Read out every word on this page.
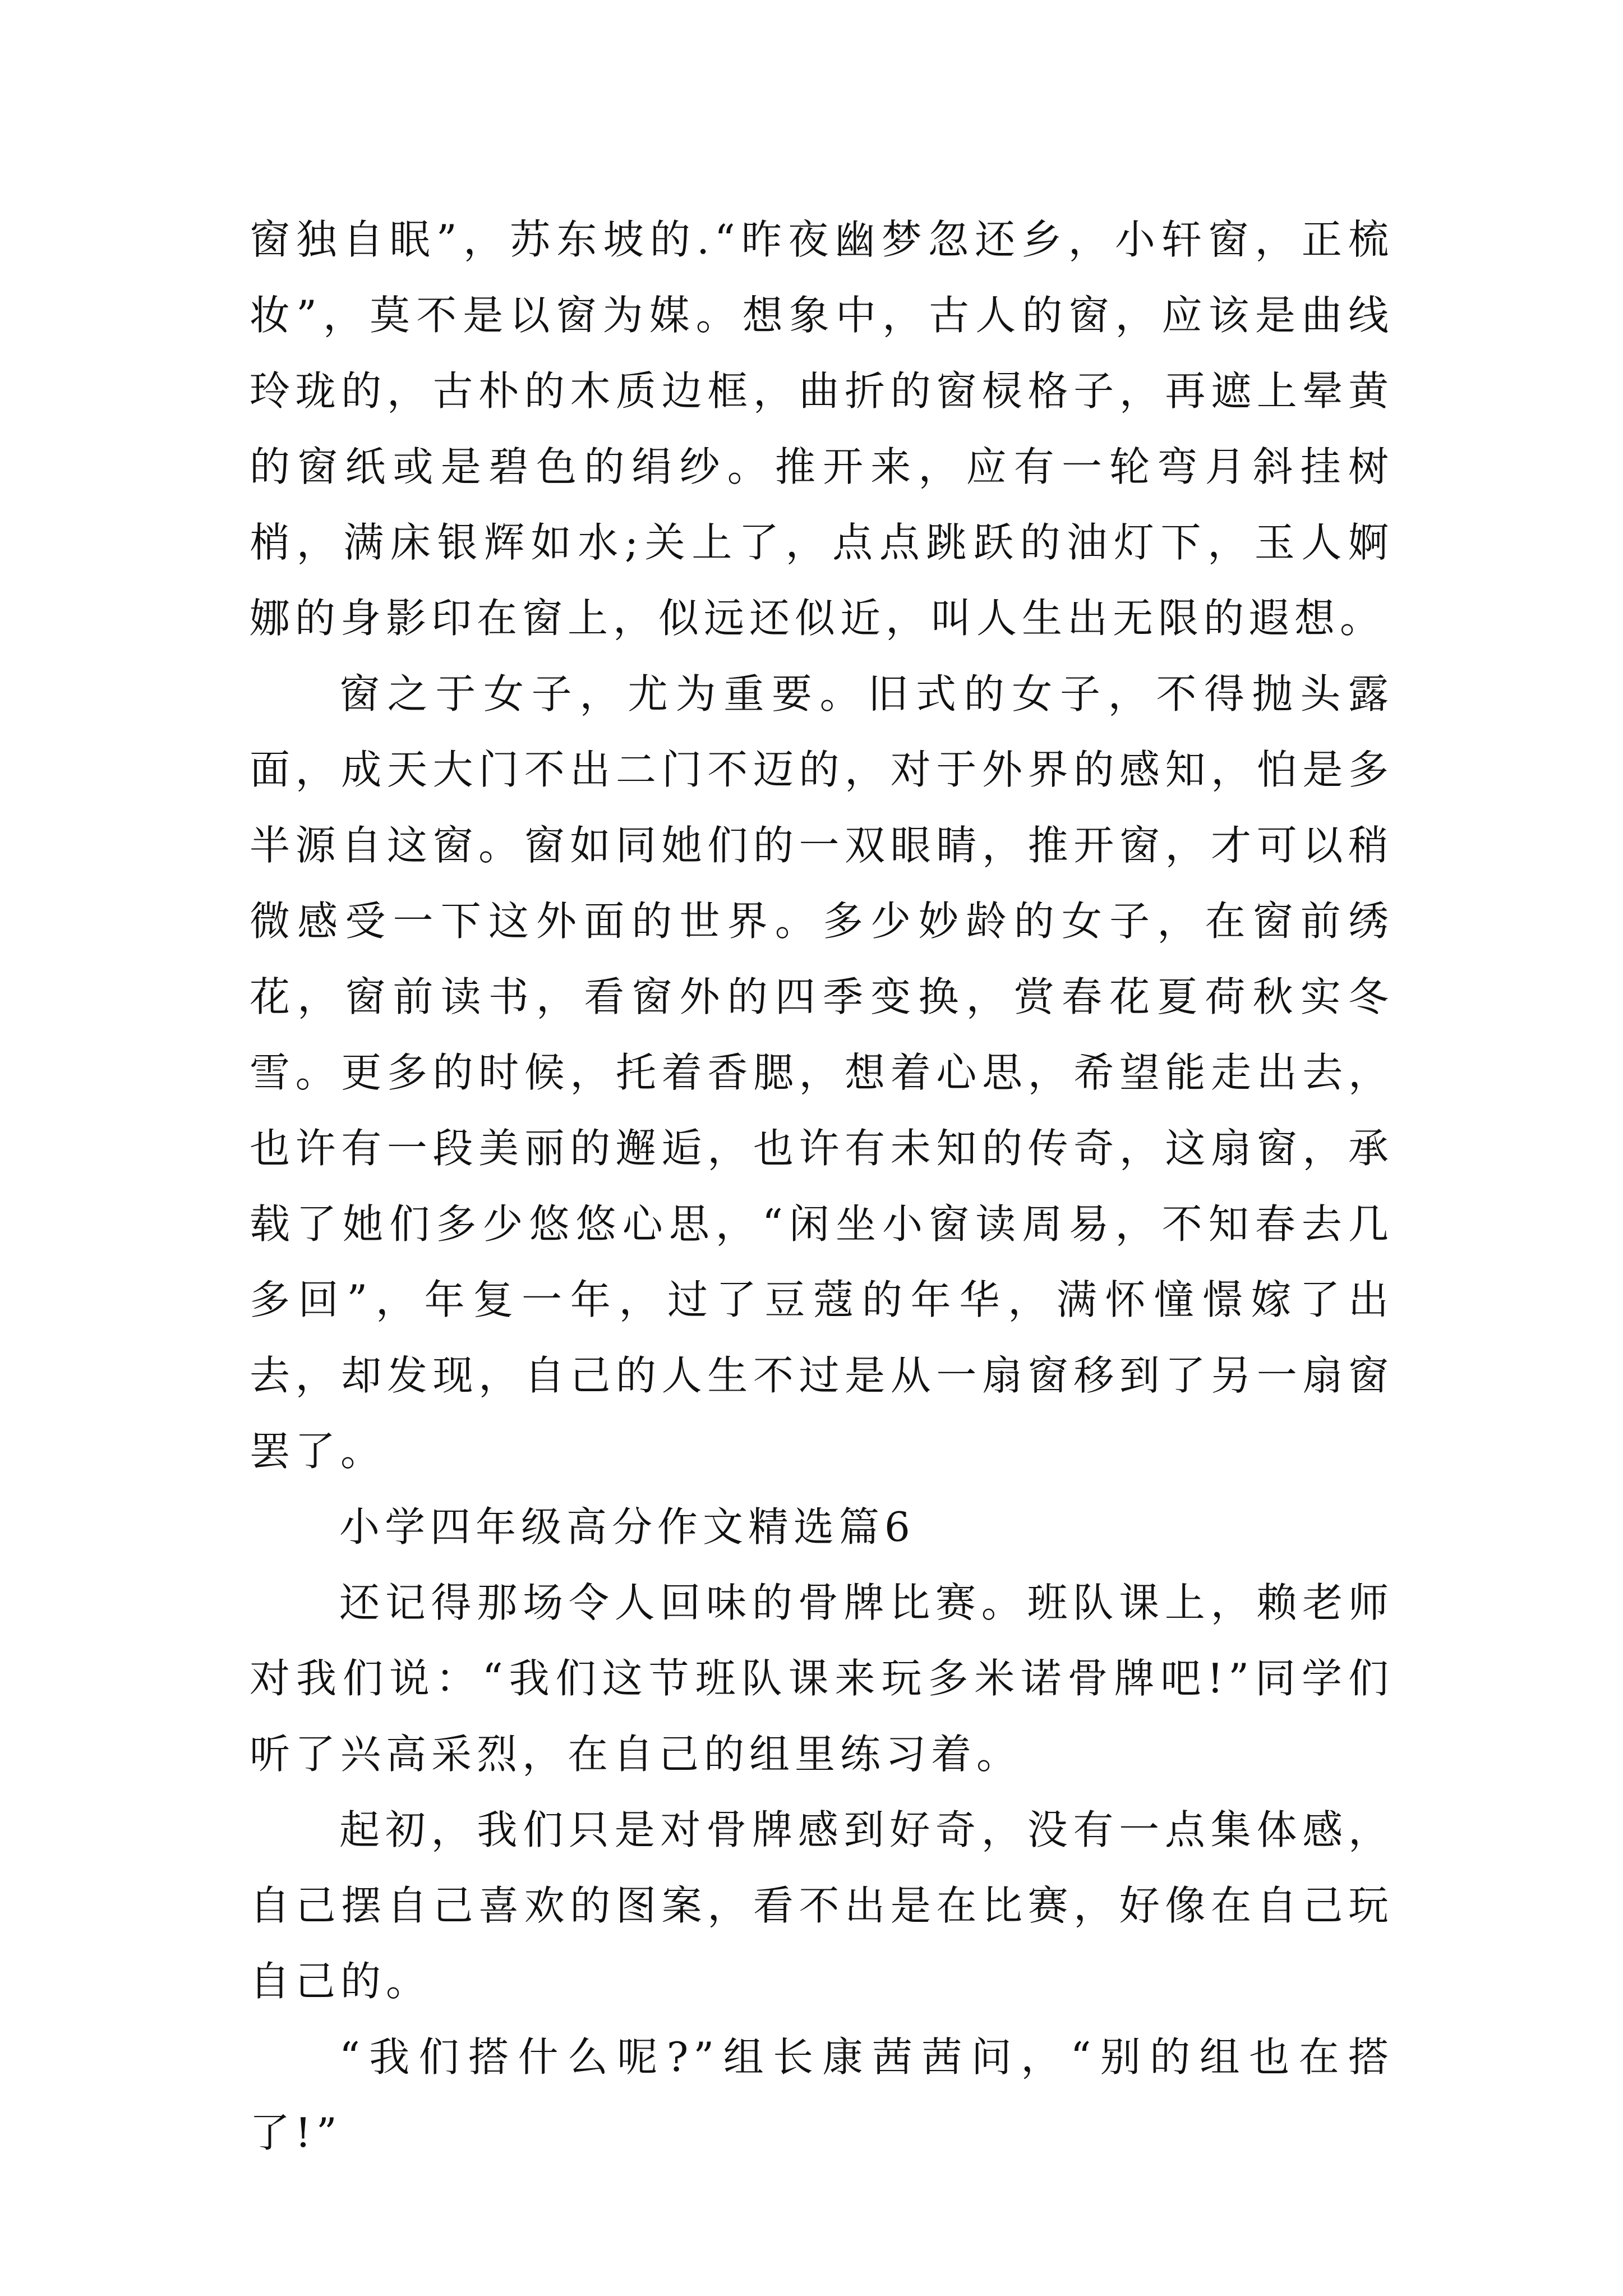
窗独自眠”，苏东坡的.“昨夜幽梦忽还乡，小轩窗，正梳妆”，莫不是以窗为媒。想象中，古人的窗，应该是曲线玲珑的，古朴的木质边框，曲折的窗棂格子，再遮上晕黄的窗纸或是碧色的绢纱。推开来，应有一轮弯月斜挂树梢，满床银辉如水;关上了，点点跳跃的油灯下，玉人婀娜的身影印在窗上，似远还似近，叫人生出无限的遐想。

窗之于女子，尤为重要。旧式的女子，不得抛头露面，成天大门不出二门不迈的，对于外界的感知，怕是多半源自这窗。窗如同她们的一双眼睛，推开窗，才可以稍微感受一下这外面的世界。多少妙龄的女子，在窗前绣花，窗前读书，看窗外的四季变换，赏春花夏荷秋实冬雪。更多的时候，托着香腮，想着心思，希望能走出去，也许有一段美丽的邂逅，也许有未知的传奇，这扇窗，承载了她们多少悠悠心思，“闲坐小窗读周易，不知春去几多回”，年复一年，过了豆蔻的年华，满怀憧憬嫁了出去，却发现，自己的人生不过是从一扇窗移到了另一扇窗罢了。

小学四年级高分作文精选篇6

还记得那场令人回味的骨牌比赛。班队课上，赖老师对我们说：“我们这节班队课来玩多米诺骨牌吧!”同学们听了兴高采烈，在自己的组里练习着。

起初，我们只是对骨牌感到好奇，没有一点集体感，自己摆自己喜欢的图案，看不出是在比赛，好像在自己玩自己的。

“我们搭什么呢?”组长康茜茜问，“别的组也在搭了!”
